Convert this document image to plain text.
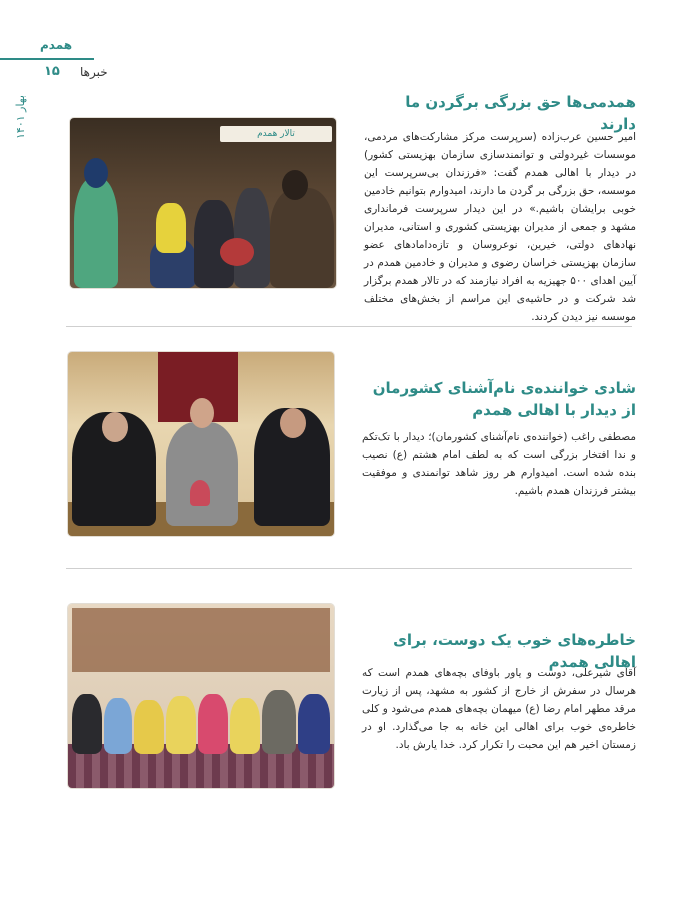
همدم
۱۵ خبرها
بهار ۱۴۰۱	همدمی‌ها حق بزرگی برگردن ما دارند
تالار همدم	امیر حسین عرب‌زاده (سرپرست مرکز مشارکت‌های مردمی، موسسات غیردولتی و توانمندسازی سازمان بهزیستی کشور) در دیدار با اهالی همدم گفت: «فرزندان بی‌سرپرست این موسسه، حق بزرگی بر گردن ما دارند، امیدوارم بتوانیم خادمین خوبی برایشان باشیم.» در این دیدار سرپرست فرمانداری مشهد و جمعی از مدیران بهزیستی کشوری و استانی، مدیران نهادهای دولتی، خیرین، نوعروسان و تازه‌دامادهای عضو سازمان بهزیستی خراسان رضوی و مدیران و خادمین همدم در آیین اهدای ۵۰۰ جهیزیه به افراد نیازمند که در تالار همدم برگزار شد شرکت و در حاشیه‌ی این مراسم از بخش‌های مختلف موسسه نیز دیدن کردند.
شادی خواننده‌ی نام‌آشنای کشورمان از دیدار با اهالی همدم
مصطفی راغب (خواننده‌ی نام‌آشنای کشورمان)؛ دیدار با تک‌تکم و ندا افتخار بزرگی است که به لطف امام هشتم (ع) نصیب بنده شده است. امیدوارم هر روز شاهد توانمندی و موفقیت بیشتر فرزندان همدم باشیم.
خاطره‌های خوب یک دوست، برای اهالی همدم
آقای شیرعلی، دوست و یاور باوفای بچه‌های همدم است که هرسال در سفرش از خارج از کشور به مشهد، پس از زیارت مرقد مطهر امام رضا (ع) میهمان بچه‌های همدم می‌شود و کلی خاطره‌ی خوب برای اهالی این خانه به جا می‌گذارد. او در زمستان اخیر هم این محبت را تکرار کرد. خدا یارش باد.
